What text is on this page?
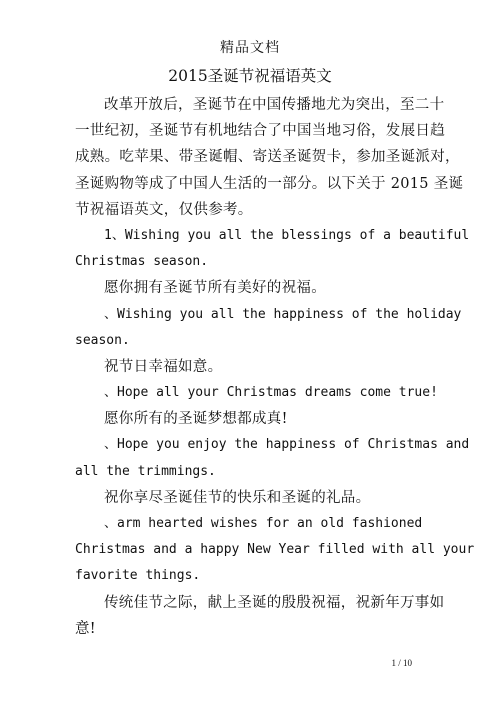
精品文档
2015圣诞节祝福语英文
改革开放后，圣诞节在中国传播地尤为突出，至二十
一世纪初，圣诞节有机地结合了中国当地习俗，发展日趋
成熟。吃苹果、带圣诞帽、寄送圣诞贺卡，参加圣诞派对，
圣诞购物等成了中国人生活的一部分。以下关于 2015 圣诞
节祝福语英文，仅供参考。
1、Wishing you all the blessings of a beautiful
Christmas season.
愿你拥有圣诞节所有美好的祝福。
、Wishing you all the happiness of the holiday
season.
祝节日幸福如意。
、Hope all your Christmas dreams come true!
愿你所有的圣诞梦想都成真!
、Hope you enjoy the happiness of Christmas and
all the trimmings.
祝你享尽圣诞佳节的快乐和圣诞的礼品。
、arm hearted wishes for an old fashioned
Christmas and a happy New Year filled with all your
favorite things.
传统佳节之际，献上圣诞的殷殷祝福，祝新年万事如
意!
1 / 10
